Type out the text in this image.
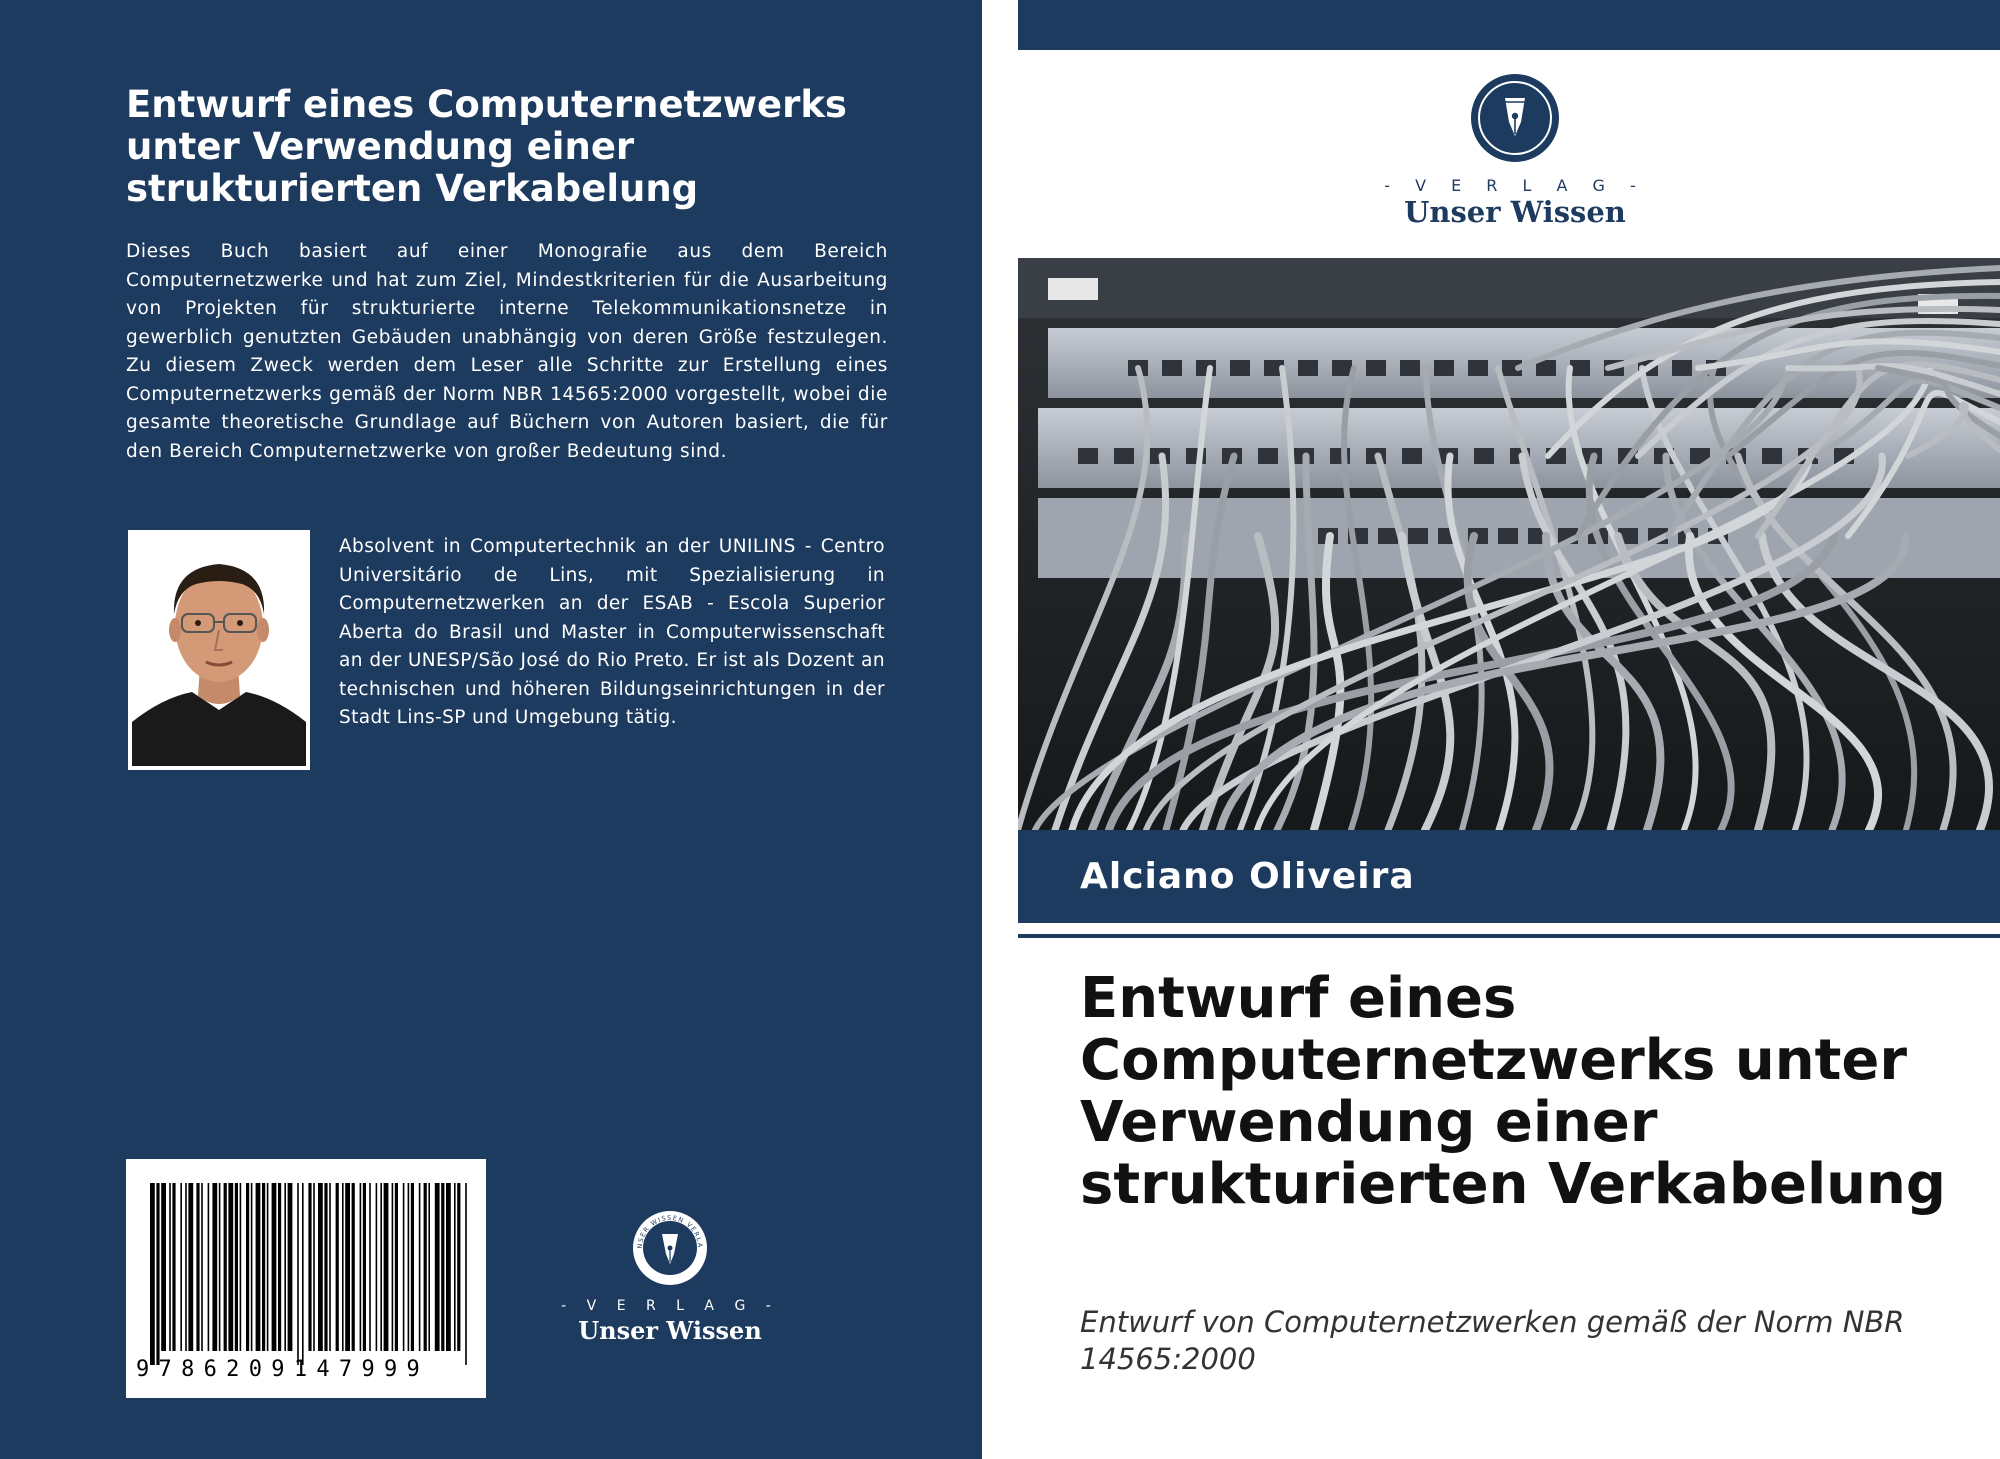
Entwurf eines Computernetzwerks unter Verwendung einer strukturierten Verkabelung

Dieses Buch basiert auf einer Monografie aus dem Bereich Computernetzwerke und hat zum Ziel, Mindestkriterien für die Ausarbeitung von Projekten für strukturierte interne Telekommunikationsnetze in gewerblich genutzten Gebäuden unabhängig von deren Größe festzulegen. Zu diesem Zweck werden dem Leser alle Schritte zur Erstellung eines Computernetzwerks gemäß der Norm NBR 14565:2000 vorgestellt, wobei die gesamte theoretische Grundlage auf Büchern von Autoren basiert, die für den Bereich Computernetzwerke von großer Bedeutung sind.

Absolvent in Computertechnik an der UNILINS - Centro Universitário de Lins, mit Spezialisierung in Computernetzwerken an der ESAB - Escola Superior Aberta do Brasil und Master in Computerwissenschaft an der UNESP/São José do Rio Preto. Er ist als Dozent an technischen und höheren Bildungseinrichtungen in der Stadt Lins-SP und Umgebung tätig.

9786209147999
NSER WISSEN VERLA
- V E R L A G -
Unser Wissen
- V E R L A G -
Unser Wissen
Alciano Oliveira
Entwurf eines Computernetzwerks unter Verwendung einer strukturierten Verkabelung

Entwurf von Computernetzwerken gemäß der Norm NBR 14565:2000
